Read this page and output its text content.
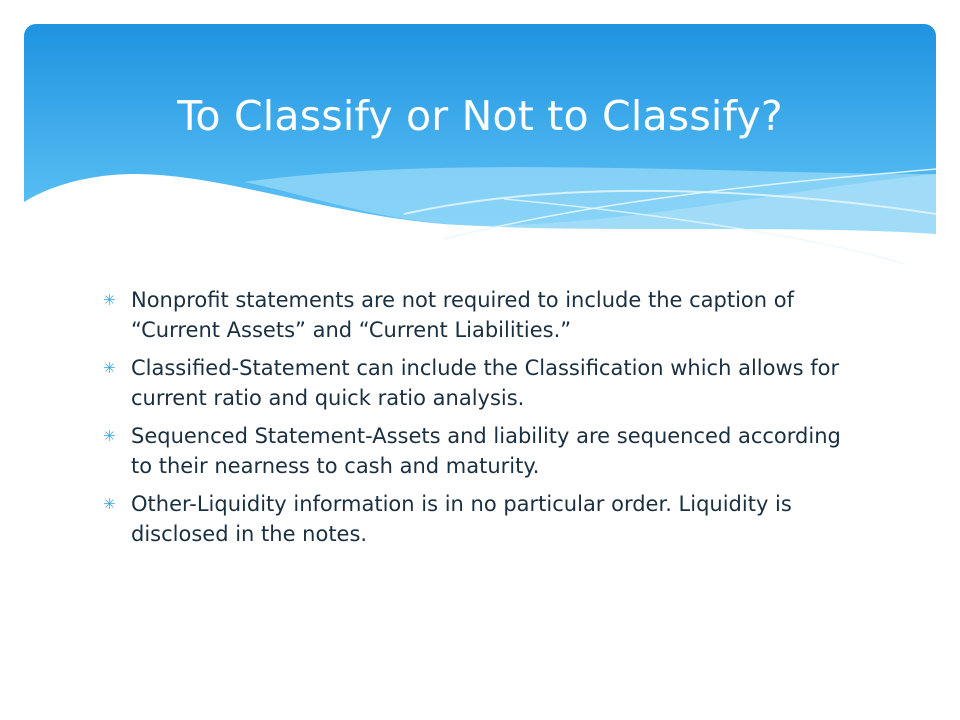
To Classify or Not to Classify?
✳ Nonprofit statements are not required to include the caption of “Current Assets” and “Current Liabilities.”
✳ Classified-Statement can include the Classification which allows for current ratio and quick ratio analysis.
✳ Sequenced Statement-Assets and liability are sequenced according to their nearness to cash and maturity.
✳ Other-Liquidity information is in no particular order. Liquidity is disclosed in the notes.
